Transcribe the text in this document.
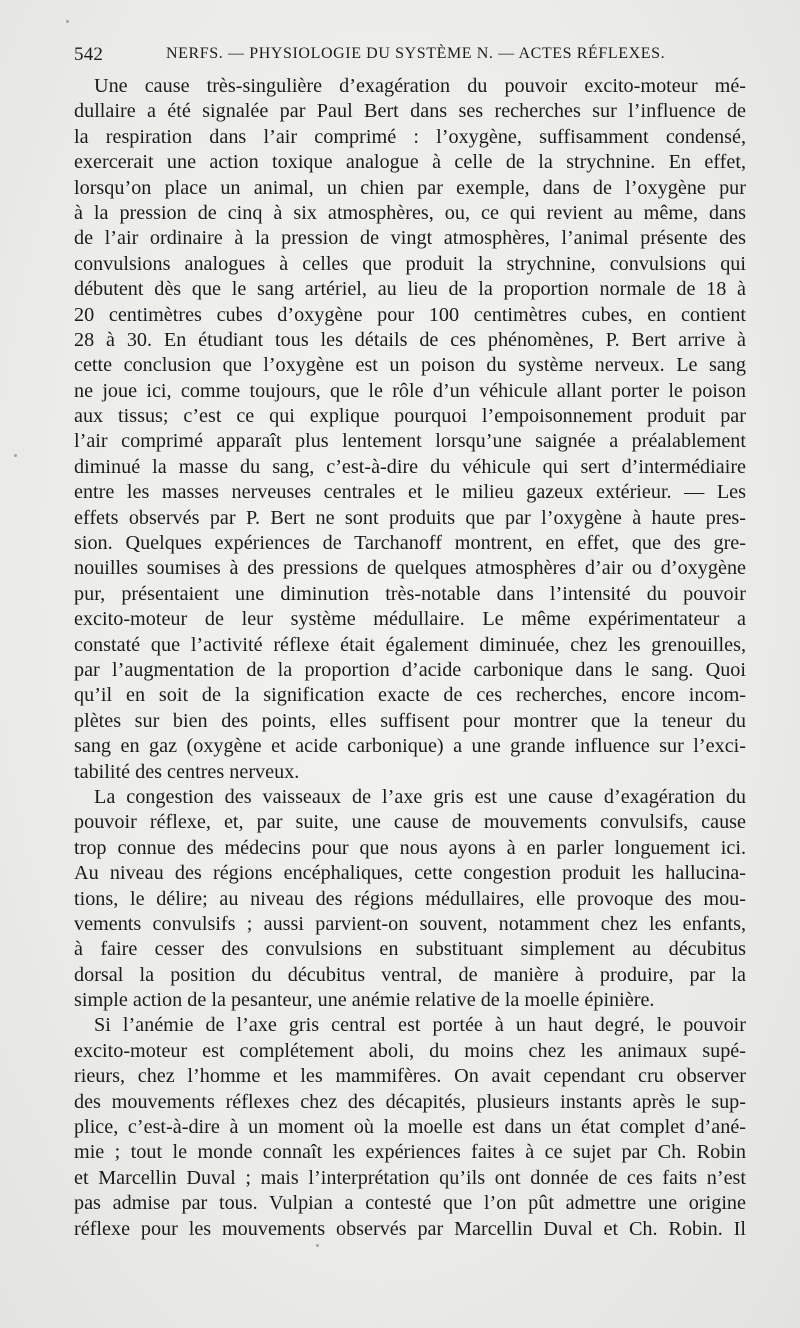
542	NERFS. — PHYSIOLOGIE DU SYSTÈME N. — ACTES RÉFLEXES.
Une cause très-singulière d’exagération du pouvoir excito-moteur mé-
dullaire a été signalée par Paul Bert dans ses recherches sur l’influence de
la respiration dans l’air comprimé : l’oxygène, suffisamment condensé,
exercerait une action toxique analogue à celle de la strychnine. En effet,
lorsqu’on place un animal, un chien par exemple, dans de l’oxygène pur
à la pression de cinq à six atmosphères, ou, ce qui revient au même, dans
de l’air ordinaire à la pression de vingt atmosphères, l’animal présente des
convulsions analogues à celles que produit la strychnine, convulsions qui
débutent dès que le sang artériel, au lieu de la proportion normale de 18 à
20 centimètres cubes d’oxygène pour 100 centimètres cubes, en contient
28 à 30. En étudiant tous les détails de ces phénomènes, P. Bert arrive à
cette conclusion que l’oxygène est un poison du système nerveux. Le sang
ne joue ici, comme toujours, que le rôle d’un véhicule allant porter le poison
aux tissus; c’est ce qui explique pourquoi l’empoisonnement produit par
l’air comprimé apparaît plus lentement lorsqu’une saignée a préalablement
diminué la masse du sang, c’est-à-dire du véhicule qui sert d’intermédiaire
entre les masses nerveuses centrales et le milieu gazeux extérieur. — Les
effets observés par P. Bert ne sont produits que par l’oxygène à haute pres-
sion. Quelques expériences de Tarchanoff montrent, en effet, que des gre-
nouilles soumises à des pressions de quelques atmosphères d’air ou d’oxygène
pur, présentaient une diminution très-notable dans l’intensité du pouvoir
excito-moteur de leur système médullaire. Le même expérimentateur a
constaté que l’activité réflexe était également diminuée, chez les grenouilles,
par l’augmentation de la proportion d’acide carbonique dans le sang. Quoi
qu’il en soit de la signification exacte de ces recherches, encore incom-
plètes sur bien des points, elles suffisent pour montrer que la teneur du
sang en gaz (oxygène et acide carbonique) a une grande influence sur l’exci-
tabilité des centres nerveux.
La congestion des vaisseaux de l’axe gris est une cause d’exagération du
pouvoir réflexe, et, par suite, une cause de mouvements convulsifs, cause
trop connue des médecins pour que nous ayons à en parler longuement ici.
Au niveau des régions encéphaliques, cette congestion produit les hallucina-
tions, le délire; au niveau des régions médullaires, elle provoque des mou-
vements convulsifs ; aussi parvient-on souvent, notamment chez les enfants,
à faire cesser des convulsions en substituant simplement au décubitus
dorsal la position du décubitus ventral, de manière à produire, par la
simple action de la pesanteur, une anémie relative de la moelle épinière.
Si l’anémie de l’axe gris central est portée à un haut degré, le pouvoir
excito-moteur est complétement aboli, du moins chez les animaux supé-
rieurs, chez l’homme et les mammifères. On avait cependant cru observer
des mouvements réflexes chez des décapités, plusieurs instants après le sup-
plice, c’est-à-dire à un moment où la moelle est dans un état complet d’ané-
mie ; tout le monde connaît les expériences faites à ce sujet par Ch. Robin
et Marcellin Duval ; mais l’interprétation qu’ils ont donnée de ces faits n’est
pas admise par tous. Vulpian a contesté que l’on pût admettre une origine
réflexe pour les mouvements observés par Marcellin Duval et Ch. Robin. Il
